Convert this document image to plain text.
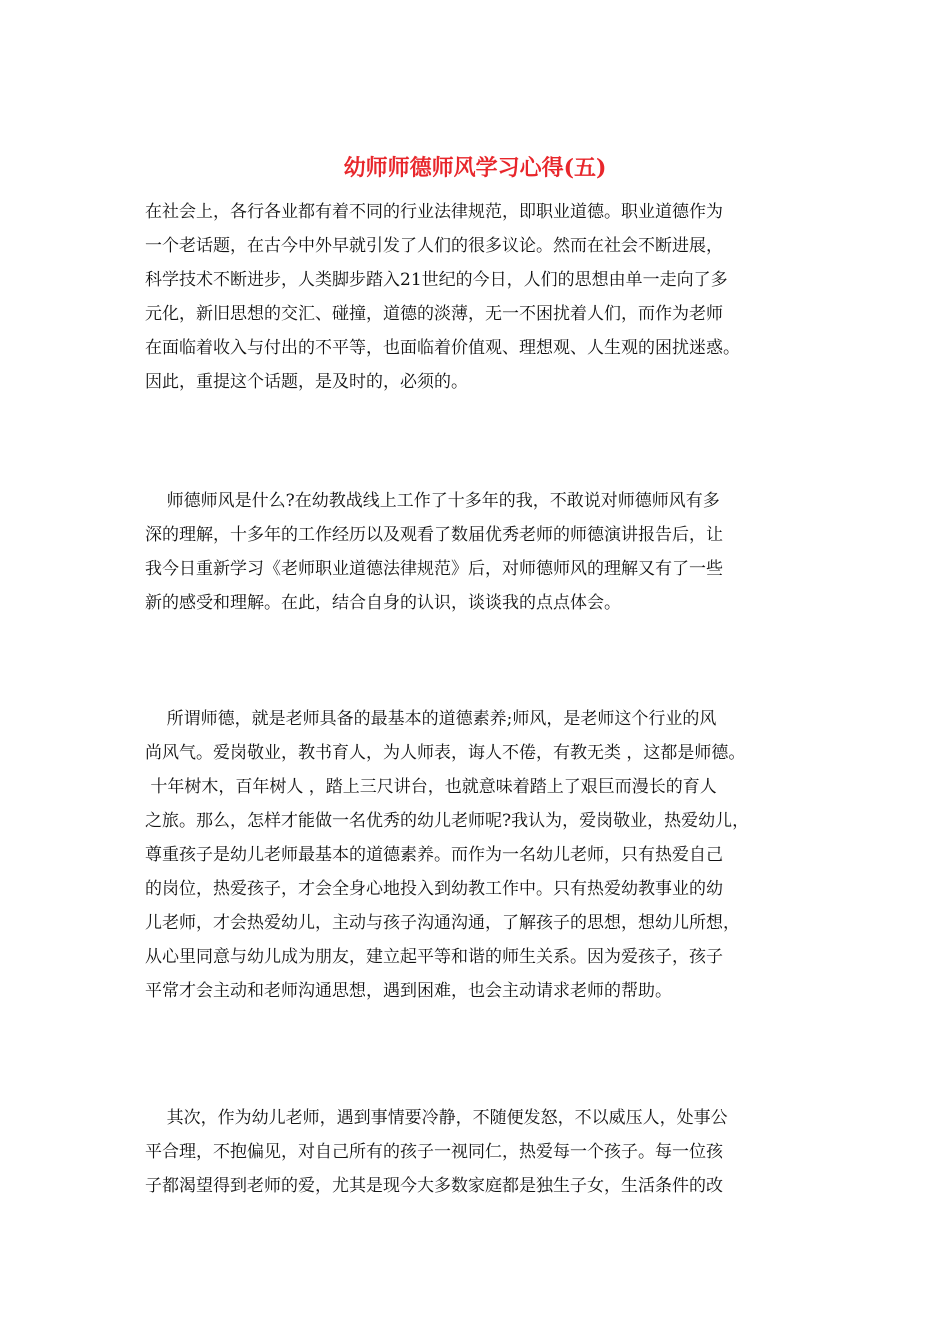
幼师师德师风学习心得(五)

在社会上，各行各业都有着不同的行业法律规范，即职业道德。职业道德作为
一个老话题，在古今中外早就引发了人们的很多议论。然而在社会不断进展，
科学技术不断进步，人类脚步踏入21世纪的今日，人们的思想由单一走向了多
元化，新旧思想的交汇、碰撞，道德的淡薄，无一不困扰着人们，而作为老师
在面临着收入与付出的不平等，也面临着价值观、理想观、人生观的困扰迷惑。
因此，重提这个话题，是及时的，必须的。

师德师风是什么?在幼教战线上工作了十多年的我，不敢说对师德师风有多
深的理解，十多年的工作经历以及观看了数届优秀老师的师德演讲报告后，让
我今日重新学习《老师职业道德法律规范》后，对师德师风的理解又有了一些
新的感受和理解。在此，结合自身的认识，谈谈我的点点体会。

所谓师德，就是老师具备的最基本的道德素养;师风，是老师这个行业的风
尚风气。爱岗敬业，教书育人，为人师表，诲人不倦，有教无类 ，这都是师德。
十年树木，百年树人 ，踏上三尺讲台，也就意味着踏上了艰巨而漫长的育人
之旅。那么，怎样才能做一名优秀的幼儿老师呢?我认为，爱岗敬业，热爱幼儿，
尊重孩子是幼儿老师最基本的道德素养。而作为一名幼儿老师，只有热爱自己
的岗位，热爱孩子，才会全身心地投入到幼教工作中。只有热爱幼教事业的幼
儿老师，才会热爱幼儿，主动与孩子沟通沟通，了解孩子的思想，想幼儿所想，
从心里同意与幼儿成为朋友，建立起平等和谐的师生关系。因为爱孩子，孩子
平常才会主动和老师沟通思想，遇到困难，也会主动请求老师的帮助。

其次，作为幼儿老师，遇到事情要冷静，不随便发怒，不以威压人，处事公
平合理，不抱偏见，对自己所有的孩子一视同仁，热爱每一个孩子。每一位孩
子都渴望得到老师的爱，尤其是现今大多数家庭都是独生子女，生活条件的改
